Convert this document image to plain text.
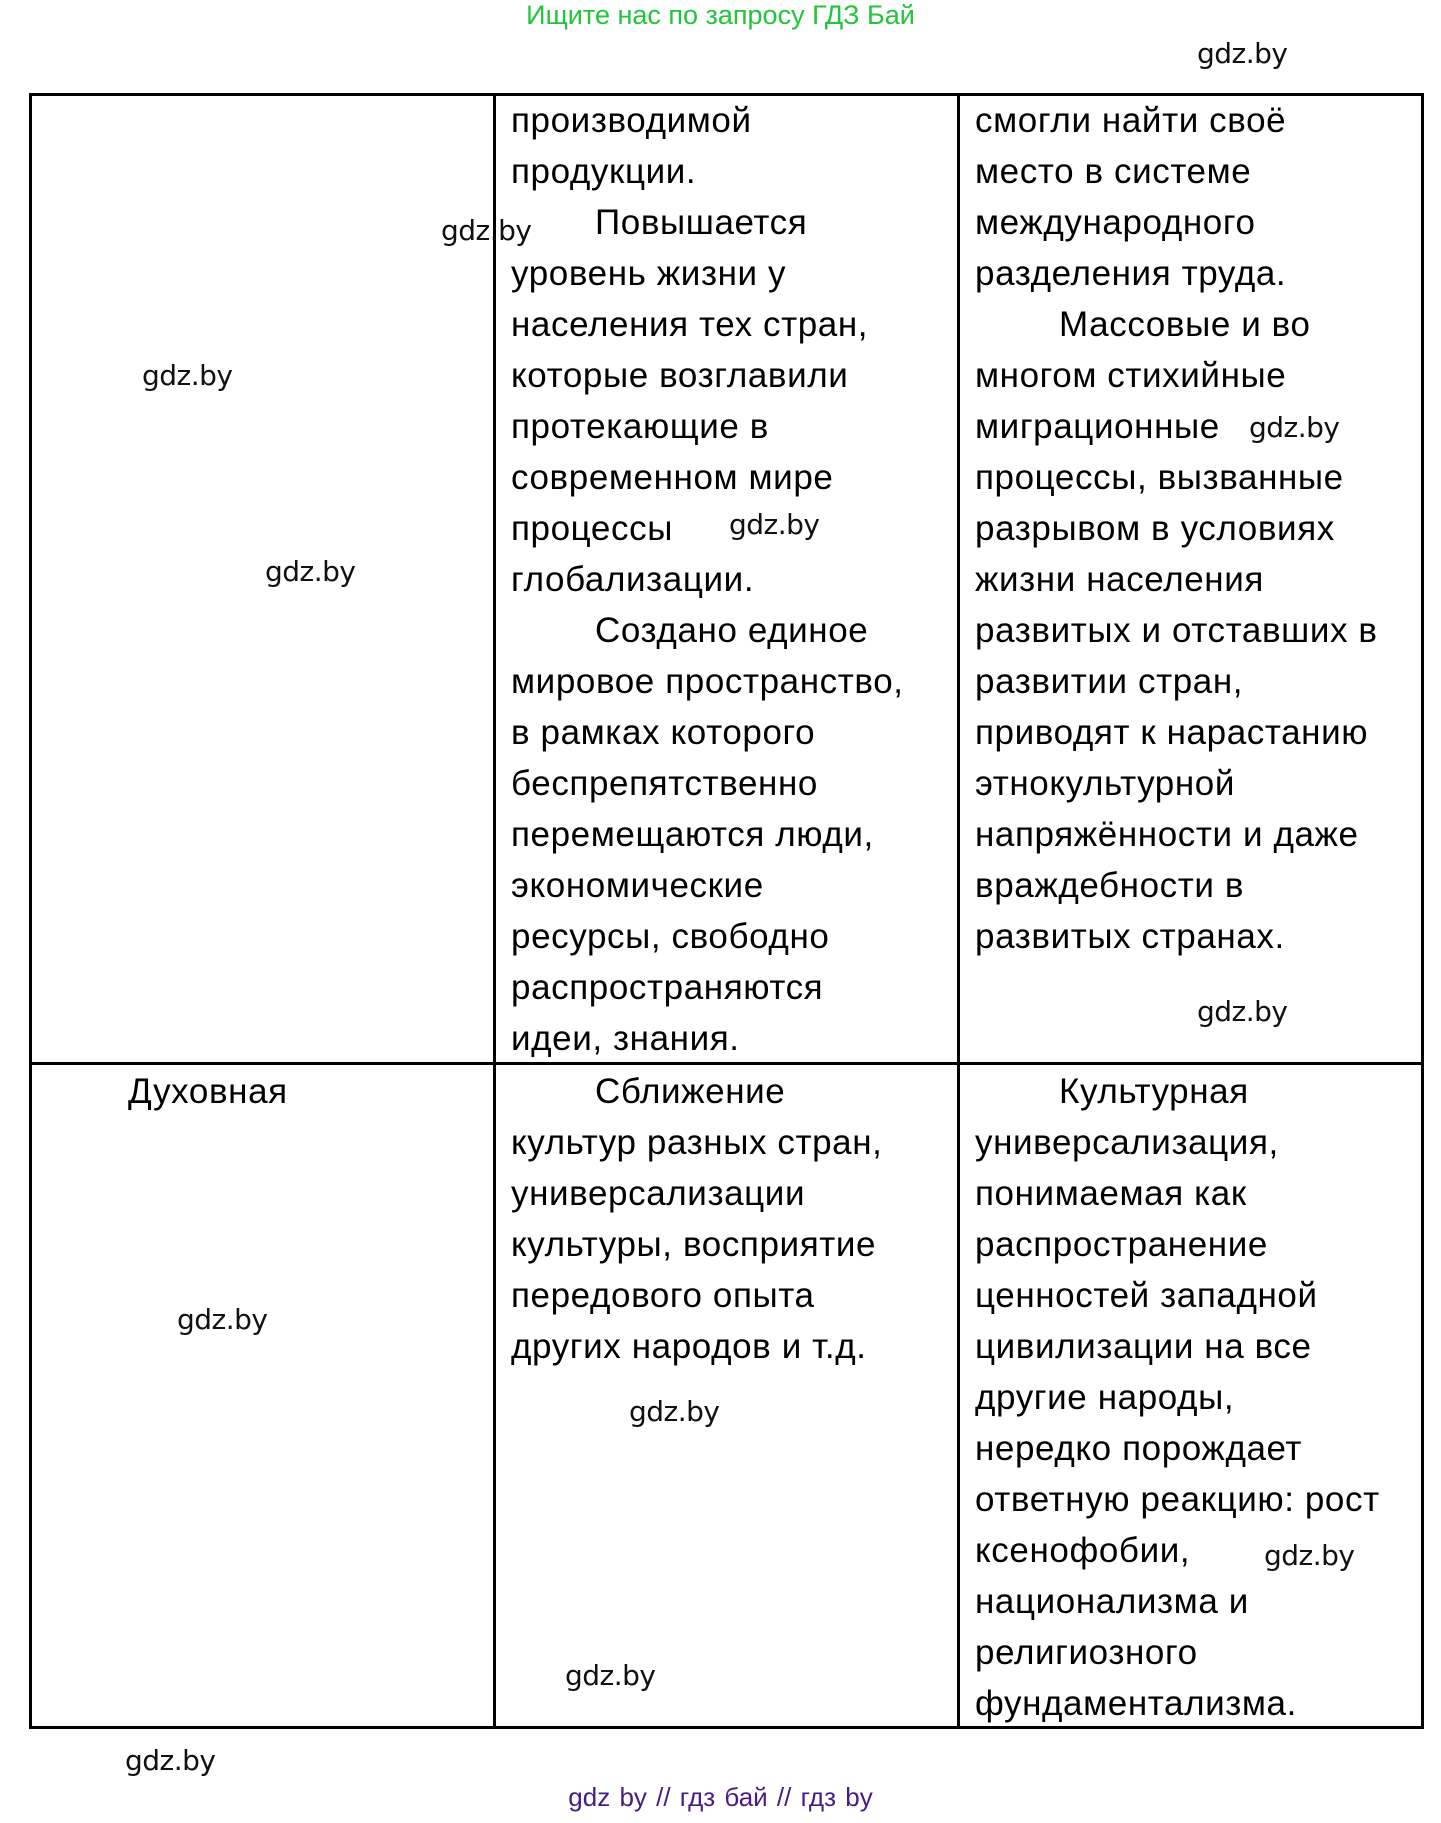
Ищите нас по запросу ГДЗ Бай
gdz.by
производимой
продукции.
Повышается
уровень жизни у
населения тех стран,
которые возглавили
протекающие в
современном мире
процессы
глобализации.
Создано единое
мировое пространство,
в рамках которого
беспрепятственно
перемещаются люди,
экономические
ресурсы, свободно
распространяются
идеи, знания.
смогли найти своё
место в системе
международного
разделения труда.
Массовые и во
многом стихийные
миграционные
процессы, вызванные
разрывом в условиях
жизни населения
развитых и отставших в
развитии стран,
приводят к нарастанию
этнокультурной
напряжённости и даже
враждебности в
развитых странах.
Духовная	Сближение
культур разных стран,
универсализации
культуры, восприятие
передового опыта
других народов и т.д.
Культурная
универсализация,
понимаемая как
распространение
ценностей западной
цивилизации на все
другие народы,
нередко порождает
ответную реакцию: рост
ксенофобии,
национализма и
религиозного
фундаментализма.
gdz.by
gdz.by
gdz.by
gdz.by
gdz.by
gdz.by
gdz.by
gdz.by
gdz.by
gdz.by
gdz.by
gdz by // гдз бай // гдз by
